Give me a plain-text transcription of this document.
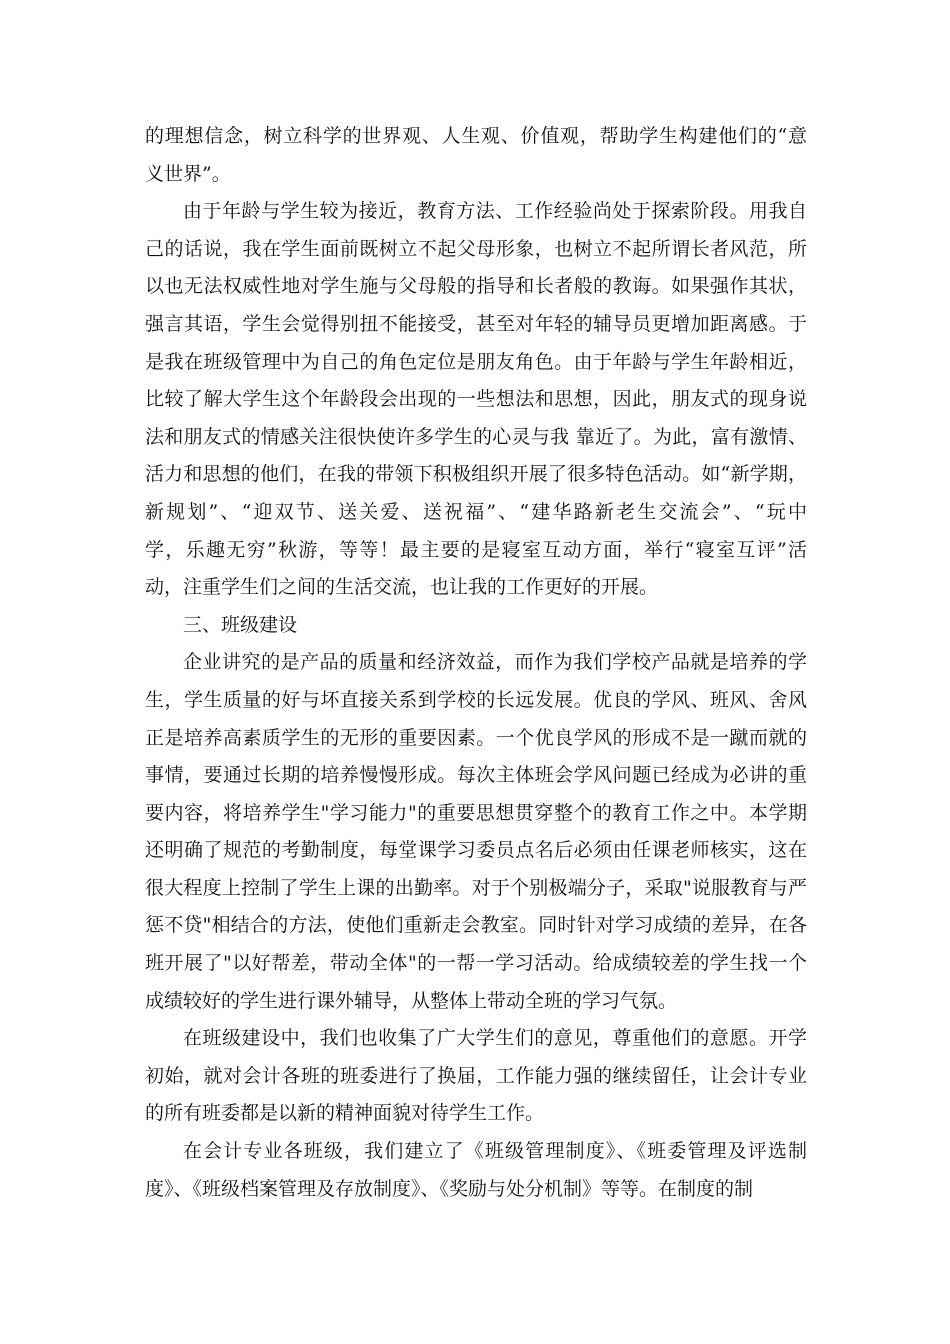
的理想信念，树立科学的世界观、人生观、价值观，帮助学生构建他们的“意
义世界”。
由于年龄与学生较为接近，教育方法、工作经验尚处于探索阶段。用我自
己的话说，我在学生面前既树立不起父母形象，也树立不起所谓长者风范，所
以也无法权威性地对学生施与父母般的指导和长者般的教诲。如果强作其状，
强言其语，学生会觉得别扭不能接受，甚至对年轻的辅导员更增加距离感。于
是我在班级管理中为自己的角色定位是朋友角色。由于年龄与学生年龄相近，
比较了解大学生这个年龄段会出现的一些想法和思想，因此，朋友式的现身说
法和朋友式的情感关注很快使许多学生的心灵与我 靠近了。为此，富有激情、
活力和思想的他们，在我的带领下积极组织开展了很多特色活动。如“新学期，
新规划”、“迎双节、送关爱、送祝福”、“建华路新老生交流会”、“玩中
学，乐趣无穷”秋游，等等！最主要的是寝室互动方面，举行“寝室互评”活
动，注重学生们之间的生活交流，也让我的工作更好的开展。
三、班级建设
企业讲究的是产品的质量和经济效益，而作为我们学校产品就是培养的学
生，学生质量的好与坏直接关系到学校的长远发展。优良的学风、班风、舍风
正是培养高素质学生的无形的重要因素。一个优良学风的形成不是一蹴而就的
事情，要通过长期的培养慢慢形成。每次主体班会学风问题已经成为必讲的重
要内容，将培养学生"学习能力"的重要思想贯穿整个的教育工作之中。本学期
还明确了规范的考勤制度，每堂课学习委员点名后必须由任课老师核实，这在
很大程度上控制了学生上课的出勤率。对于个别极端分子，采取"说服教育与严
惩不贷"相结合的方法，使他们重新走会教室。同时针对学习成绩的差异，在各
班开展了"以好帮差，带动全体"的一帮一学习活动。给成绩较差的学生找一个
成绩较好的学生进行课外辅导，从整体上带动全班的学习气氛。
在班级建设中，我们也收集了广大学生们的意见，尊重他们的意愿。开学
初始，就对会计各班的班委进行了换届，工作能力强的继续留任，让会计专业
的所有班委都是以新的精神面貌对待学生工作。
在会计专业各班级，我们建立了《班级管理制度》、《班委管理及评选制
度》、《班级档案管理及存放制度》、《奖励与处分机制》等等。在制度的制
